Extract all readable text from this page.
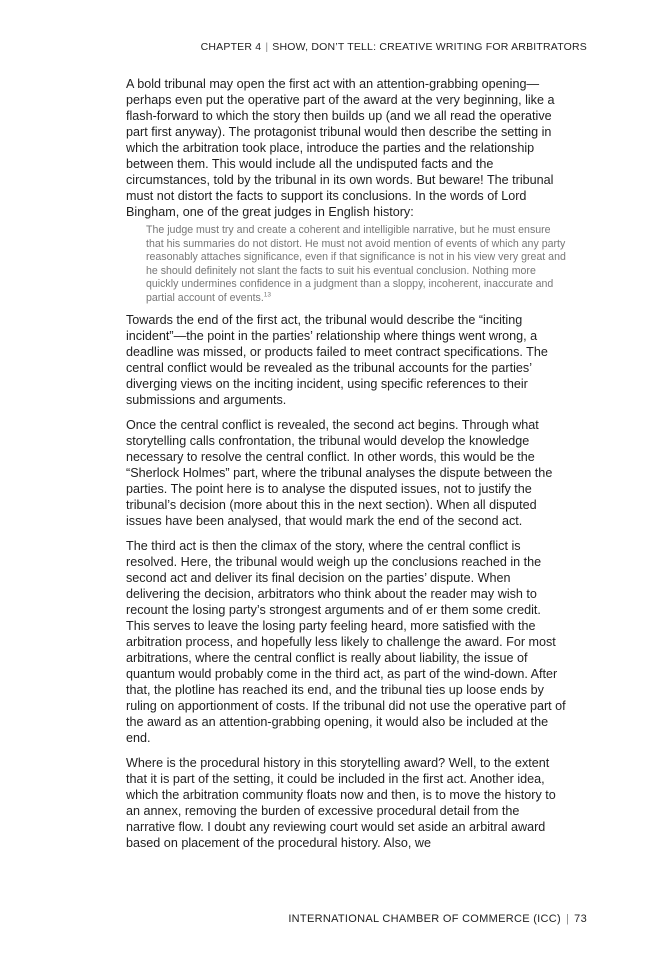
CHAPTER 4 | SHOW, DON’T TELL: CREATIVE WRITING FOR ARBITRATORS

A bold tribunal may open the first act with an attention-grabbing opening—perhaps even put the operative part of the award at the very beginning, like a flash-forward to which the story then builds up (and we all read the operative part first anyway). The protagonist tribunal would then describe the setting in which the arbitration took place, introduce the parties and the relationship between them. This would include all the undisputed facts and the circumstances, told by the tribunal in its own words. But beware! The tribunal must not distort the facts to support its conclusions. In the words of Lord Bingham, one of the great judges in English history:

The judge must try and create a coherent and intelligible narrative, but he must ensure that his summaries do not distort. He must not avoid mention of events of which any party reasonably attaches significance, even if that significance is not in his view very great and he should definitely not slant the facts to suit his eventual conclusion. Nothing more quickly undermines confidence in a judgment than a sloppy, incoherent, inaccurate and partial account of events.$^{13}$

Towards the end of the first act, the tribunal would describe the “inciting incident”—the point in the parties’ relationship where things went wrong, a deadline was missed, or products failed to meet contract specifications. The central conflict would be revealed as the tribunal accounts for the parties’ diverging views on the inciting incident, using specific references to their submissions and arguments.

Once the central conflict is revealed, the second act begins. Through what storytelling calls confrontation, the tribunal would develop the knowledge necessary to resolve the central conflict. In other words, this would be the “Sherlock Holmes” part, where the tribunal analyses the dispute between the parties. The point here is to analyse the disputed issues, not to justify the tribunal’s decision (more about this in the next section). When all disputed issues have been analysed, that would mark the end of the second act.

The third act is then the climax of the story, where the central conflict is resolved. Here, the tribunal would weigh up the conclusions reached in the second act and deliver its final decision on the parties’ dispute. When delivering the decision, arbitrators who think about the reader may wish to recount the losing party’s strongest arguments and of er them some credit. This serves to leave the losing party feeling heard, more satisfied with the arbitration process, and hopefully less likely to challenge the award. For most arbitrations, where the central conflict is really about liability, the issue of quantum would probably come in the third act, as part of the wind-down. After that, the plotline has reached its end, and the tribunal ties up loose ends by ruling on apportionment of costs. If the tribunal did not use the operative part of the award as an attention-grabbing opening, it would also be included at the end.

Where is the procedural history in this storytelling award? Well, to the extent that it is part of the setting, it could be included in the first act. Another idea, which the arbitration community floats now and then, is to move the history to an annex, removing the burden of excessive procedural detail from the narrative flow. I doubt any reviewing court would set aside an arbitral award based on placement of the procedural history. Also, we

INTERNATIONAL CHAMBER OF COMMERCE (ICC) | 73
